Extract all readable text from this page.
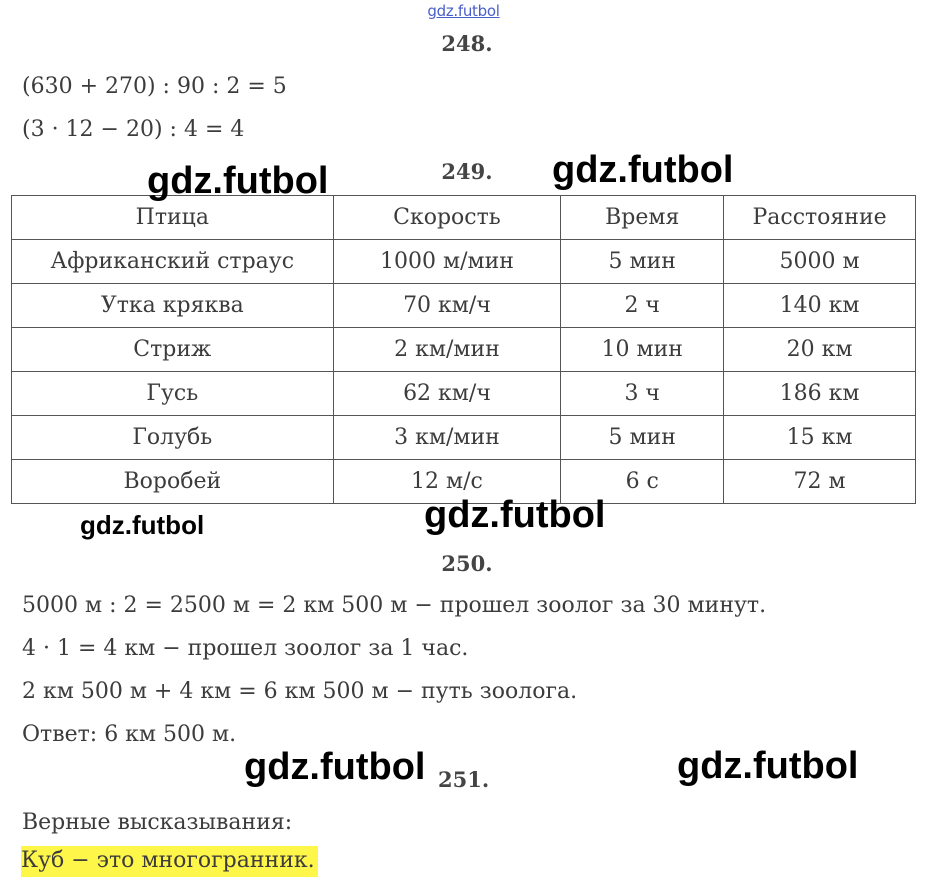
gdz.futbol
248.
(630 + 270) : 90 : 2 = 5
(3 · 12 − 20) : 4 = 4
249.
Птица	Скорость	Время	Расстояние
Африканский страус	1000 м/мин	5 мин	5000 м
Утка кряква	70 км/ч	2 ч	140 км
Стриж	2 км/мин	10 мин	20 км
Гусь	62 км/ч	3 ч	186 км
Голубь	3 км/мин	5 мин	15 км
Воробей	12 м/с	6 с	72 м
250.
5000 м : 2 = 2500 м = 2 км 500 м − прошел зоолог за 30 минут.
4 · 1 = 4 км − прошел зоолог за 1 час.
2 км 500 м + 4 км = 6 км 500 м − путь зоолога.
Ответ: 6 км 500 м.
251.
Верные высказывания:
Куб − это многогранник.
gdz.futbol	gdz.futbol
gdz.futbol	gdz.futbol
gdz.futbol	gdz.futbol
